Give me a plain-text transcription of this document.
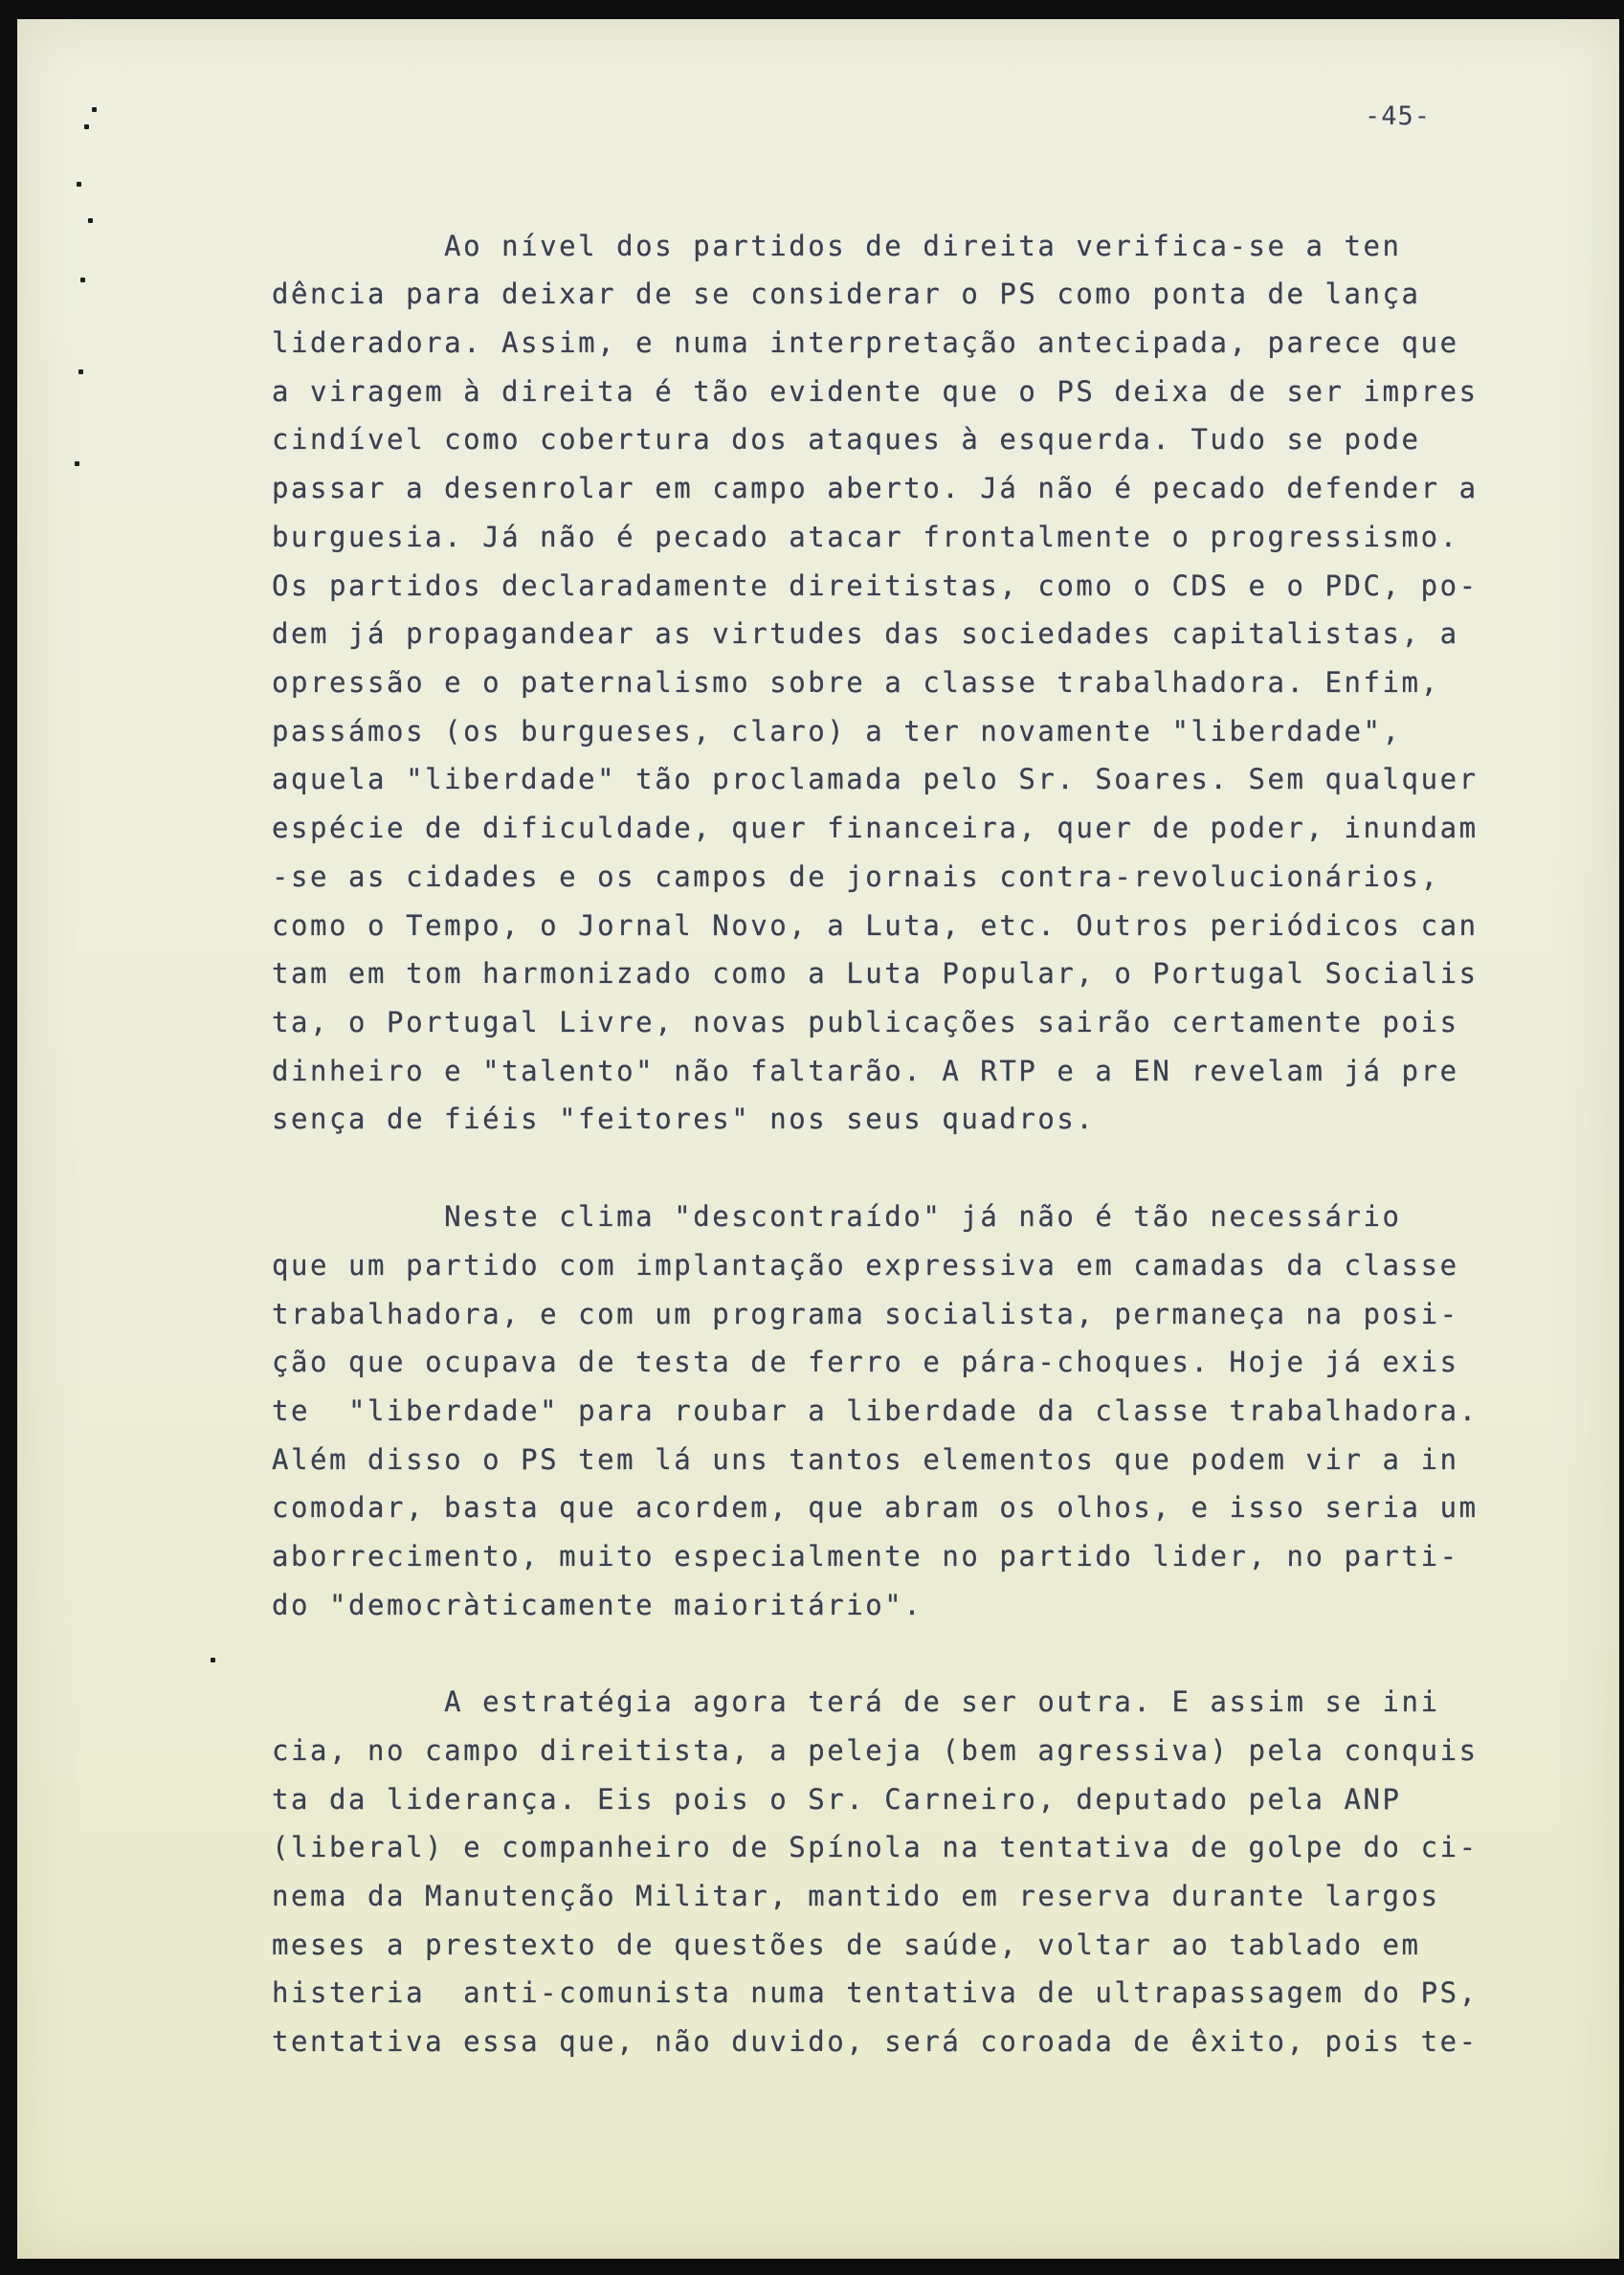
-45-
Ao nível dos partidos de direita verifica-se a ten
dência para deixar de se considerar o PS como ponta de lança
lideradora. Assim, e numa interpretação antecipada, parece que
a viragem à direita é tão evidente que o PS deixa de ser impres
cindível como cobertura dos ataques à esquerda. Tudo se pode
passar a desenrolar em campo aberto. Já não é pecado defender a
burguesia. Já não é pecado atacar frontalmente o progressismo.
Os partidos declaradamente direitistas, como o CDS e o PDC, po-
dem já propagandear as virtudes das sociedades capitalistas, a
opressão e o paternalismo sobre a classe trabalhadora. Enfim,
passámos (os burgueses, claro) a ter novamente "liberdade",
aquela "liberdade" tão proclamada pelo Sr. Soares. Sem qualquer
espécie de dificuldade, quer financeira, quer de poder, inundam
-se as cidades e os campos de jornais contra-revolucionários,
como o Tempo, o Jornal Novo, a Luta, etc. Outros periódicos can
tam em tom harmonizado como a Luta Popular, o Portugal Socialis
ta, o Portugal Livre, novas publicações sairão certamente pois
dinheiro e "talento" não faltarão. A RTP e a EN revelam já pre
sença de fiéis "feitores" nos seus quadros.
Neste clima "descontraído" já não é tão necessário
que um partido com implantação expressiva em camadas da classe
trabalhadora, e com um programa socialista, permaneça na posi-
ção que ocupava de testa de ferro e pára-choques. Hoje já exis
te  "liberdade" para roubar a liberdade da classe trabalhadora.
Além disso o PS tem lá uns tantos elementos que podem vir a in
comodar, basta que acordem, que abram os olhos, e isso seria um
aborrecimento, muito especialmente no partido lider, no parti-
do "democràticamente maioritário".
A estratégia agora terá de ser outra. E assim se ini
cia, no campo direitista, a peleja (bem agressiva) pela conquis
ta da liderança. Eis pois o Sr. Carneiro, deputado pela ANP
(liberal) e companheiro de Spínola na tentativa de golpe do ci-
nema da Manutenção Militar, mantido em reserva durante largos
meses a prestexto de questões de saúde, voltar ao tablado em
histeria  anti-comunista numa tentativa de ultrapassagem do PS,
tentativa essa que, não duvido, será coroada de êxito, pois te-
